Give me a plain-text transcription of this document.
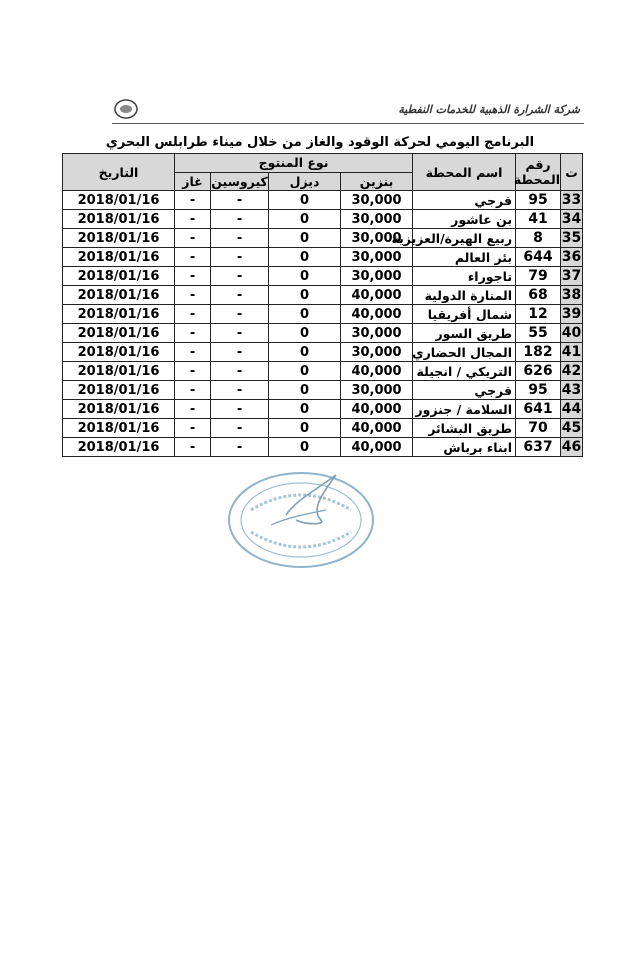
شركة الشرارة الذهبية للخدمات النفطية
البرنامج اليومي لحركة الوقود والغاز من خلال ميناء طرابلس البحري
ت	رقم المحطة	اسم المحطة	نوع المنتوج				التاريخ
			بنزين	ديزل	كيروسين	غاز	
33	95	قرجي	30,000	0	-	-	2018/01/16
34	41	بن عاشور	30,000	0	-	-	2018/01/16
35	8	ربيع الهيرة/العزيزية	30,000	0	-	-	2018/01/16
36	644	بئر العالم	30,000	0	-	-	2018/01/16
37	79	تاجوراء	30,000	0	-	-	2018/01/16
38	68	المنارة الدولية	40,000	0	-	-	2018/01/16
39	12	شمال أفريقيا	40,000	0	-	-	2018/01/16
40	55	طريق السور	30,000	0	-	-	2018/01/16
41	182	المجال الحضاري	30,000	0	-	-	2018/01/16
42	626	التريكي / انجيلة	40,000	0	-	-	2018/01/16
43	95	قرجي	30,000	0	-	-	2018/01/16
44	641	السلامة / جنزور	40,000	0	-	-	2018/01/16
45	70	طريق البشائر	40,000	0	-	-	2018/01/16
46	637	ابناء برباش	40,000	0	-	-	2018/01/16
